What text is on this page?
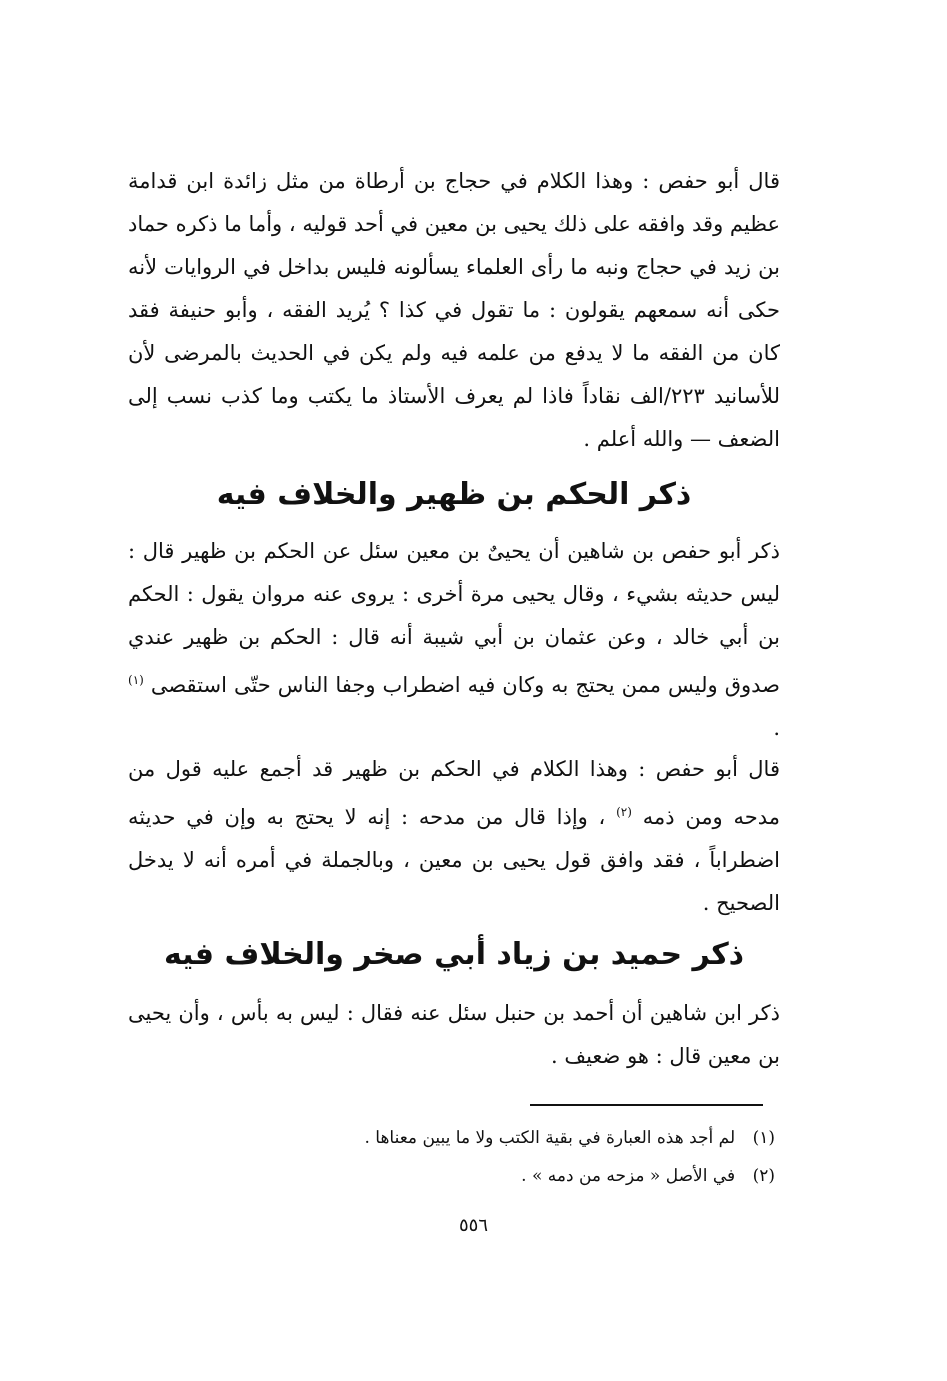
قال أبو حفص : وهذا الكلام في حجاج بن أرطاة من مثل زائدة ابن قدامة عظيم وقد وافقه على ذلك يحيى بن معين في أحد قوليه ، وأما ما ذكره حماد بن زيد في حجاج ونبه ما رأى العلماء يسألونه فليس بداخل في الروايات لأنه حكى أنه سمعهم يقولون : ما تقول في كذا ؟ يُريد الفقه ، وأبو حنيفة فقد كان من الفقه ما لا يدفع من علمه فيه ولم يكن في الحديث بالمرضى لأن للأسانيد ٢٢٣/الف نقاداً فاذا لم يعرف الأستاذ ما يكتب وما كذب نسب إلى الضعف — والله أعلم .
ذكر الحكم بن ظهير والخلاف فيه
ذكر أبو حفص بن شاهين أن يحيىٌ بن معين سئل عن الحكم بن ظهير قال : ليس حديثه بشيء ، وقال يحيى مرة أخرى : يروى عنه مروان يقول : الحكم بن أبي خالد ، وعن عثمان بن أبي شيبة أنه قال : الحكم بن ظهير عندي صدوق وليس ممن يحتج به وكان فيه اضطراب وجفا الناس حتّى استقصى $^{(١)}$ .
قال أبو حفص : وهذا الكلام في الحكم بن ظهير قد أجمع عليه قول من مدحه ومن ذمه $^{(٢)}$ ، وإذا قال من مدحه : إنه لا يحتج به وإن في حديثه اضطراباً ، فقد وافق قول يحيى بن معين ، وبالجملة في أمره أنه لا يدخل الصحيح .
ذكر حميد بن زياد أبي صخر والخلاف فيه
ذكر ابن شاهين أن أحمد بن حنبل سئل عنه فقال : ليس به بأس ، وأن يحيى بن معين قال : هو ضعيف .
(١) لم أجد هذه العبارة في بقية الكتب ولا ما يبين معناها .
(٢) في الأصل « مزحه من دمه » .
٥٥٦
